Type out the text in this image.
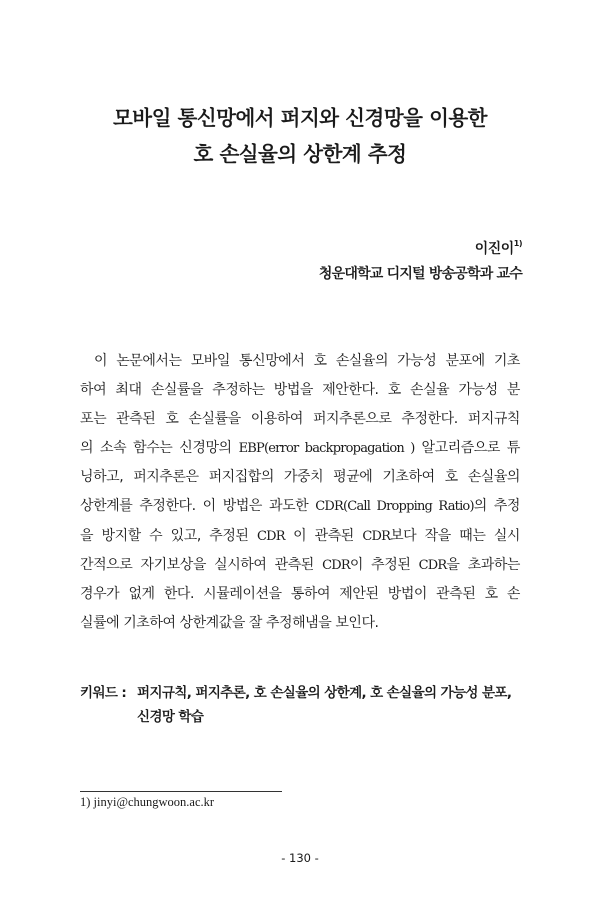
모바일 통신망에서 퍼지와 신경망을 이용한
호 손실율의 상한계 추정
이진이$^{1)}$
청운대학교 디지털 방송공학과 교수
이 논문에서는 모바일 통신망에서 호 손실율의 가능성 분포에 기초
하여 최대 손실률을 추정하는 방법을 제안한다. 호 손실율 가능성 분
포는 관측된 호 손실률을 이용하여 퍼지추론으로 추정한다. 퍼지규칙
의 소속 함수는 신경망의 EBP(error backpropagation ) 알고리즘으로 튜
닝하고, 퍼지추론은 퍼지집합의 가중치 평균에 기초하여 호 손실율의
상한계를 추정한다. 이 방법은 과도한 CDR(Call Dropping Ratio)의 추정
을 방지할 수 있고, 추정된 CDR 이 관측된 CDR보다 작을 때는 실시
간적으로 자기보상을 실시하여 관측된 CDR이 추정된 CDR을 초과하는
경우가 없게 한다. 시뮬레이션을 통하여 제안된 방법이 관측된 호 손
실률에 기초하여 상한계값을 잘 추정해냄을 보인다.
키워드 : 퍼지규칙, 퍼지추론, 호 손실율의 상한계, 호 손실율의 가능성 분포,
신경망 학습
1) jinyi@chungwoon.ac.kr
- 130 -
